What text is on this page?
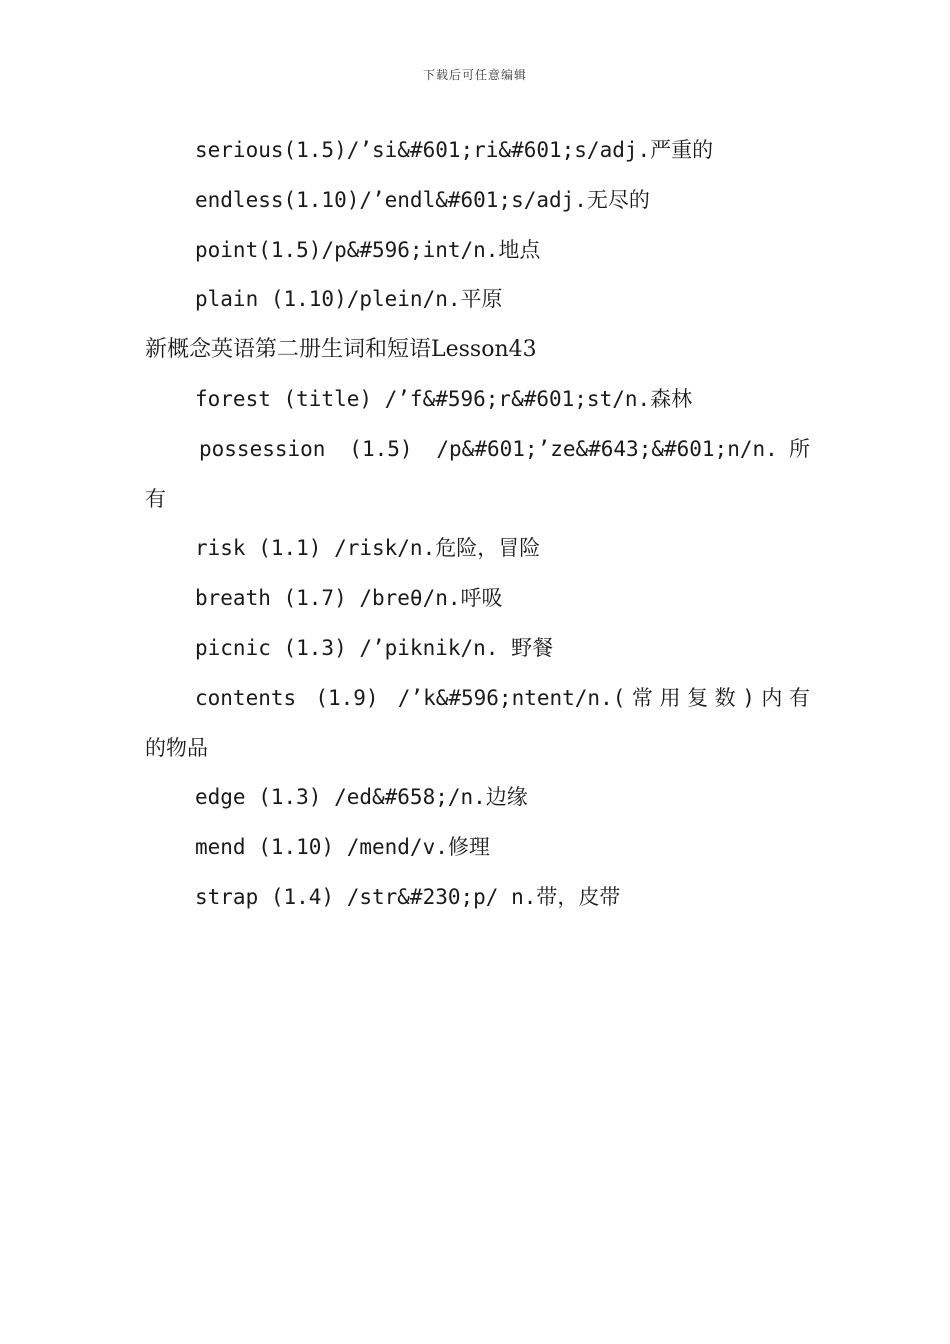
下载后可任意编辑
serious(1.5)/’si&#601;ri&#601;s/adj.严重的
endless(1.10)/’endl&#601;s/adj.无尽的
point(1.5)/p&#596;int/n.地点
plain (1.10)/plein/n.平原
新概念英语第二册生词和短语Lesson43
forest (title) /’f&#596;r&#601;st/n.森林
possession (1.5) /p&#601;’ze&#643;&#601;n/n.所
有
risk (1.1) /risk/n.危险，冒险
breath (1.7) /breθ/n.呼吸
picnic (1.3) /’piknik/n. 野餐
contents (1.9) /’k&#596;ntent/n.(常用复数)内有
的物品
edge (1.3) /ed&#658;/n.边缘
mend (1.10) /mend/v.修理
strap (1.4) /str&#230;p/ n.带，皮带
